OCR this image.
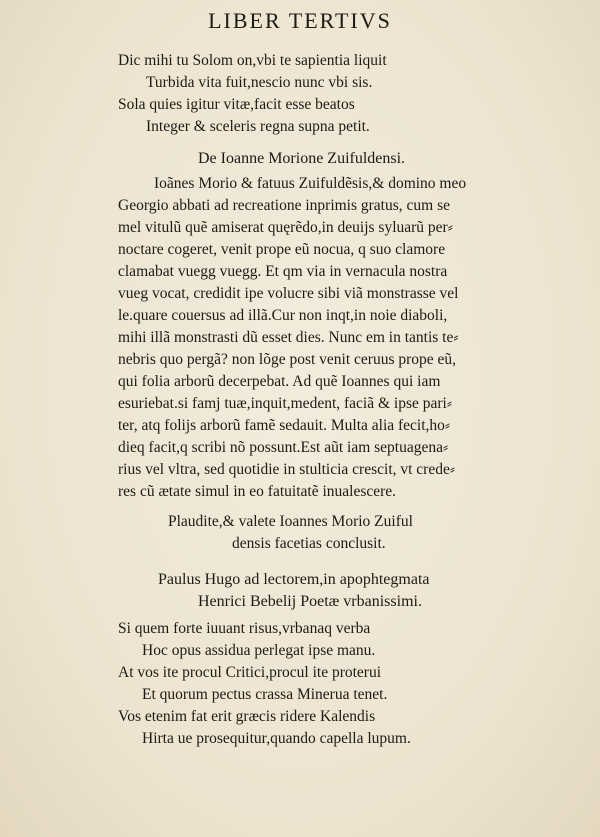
LIBER TERTIVS
Dic mihi tu Solom on,vbi te sapientia liquit
Turbida vita fuit,nescio nunc vbi sis.
Sola quies igitur vitæ,facit esse beatos
Integer & sceleris regna supna petit.
De Ioanne Morione Zuifuldensi.
Ioãnes Morio & fatuus Zuifuldẽsis,& domino meo
Georgio abbati ad recreatione inprimis gratus, cum se
mel vitulũ quẽ amiserat quęrẽdo,in deuijs syluarũ per⸗
noctare cogeret, venit prope eũ nocua, q suo clamore
clamabat vuegg vuegg. Et qm via in vernacula nostra
vueg vocat, credidit ipe volucre sibi viã monstrasse vel
le.quare couersus ad illã.Cur non inqt,in noie diaboli,
mihi illã monstrasti dũ esset dies. Nunc em in tantis te⸗
nebris quo pergã? non lõge post venit ceruus prope eũ,
qui folia arborũ decerpebat. Ad quẽ Ioannes qui iam
esuriebat.si famj tuæ,inquit,medent, faciã & ipse pari⸗
ter, atq folijs arborũ famẽ sedauit. Multa alia fecit,ho⸗
dieq facit,q scribi nõ possunt.Est aũt iam septuagena⸗
rius vel vltra, sed quotidie in stulticia crescit, vt crede⸗
res cũ ætate simul in eo fatuitatẽ inualescere.
Plaudite,& valete Ioannes Morio Zuiful
densis facetias conclusit.
Paulus Hugo ad lectorem,in apophtegmata
Henrici Bebelij Poetæ vrbanissimi.
Si quem forte iuuant risus,vrbanaq verba
Hoc opus assidua perlegat ipse manu.
At vos ite procul Critici,procul ite proterui
Et quorum pectus crassa Minerua tenet.
Vos etenim fat erit græcis ridere Kalendis
Hirta ue prosequitur,quando capella lupum.
